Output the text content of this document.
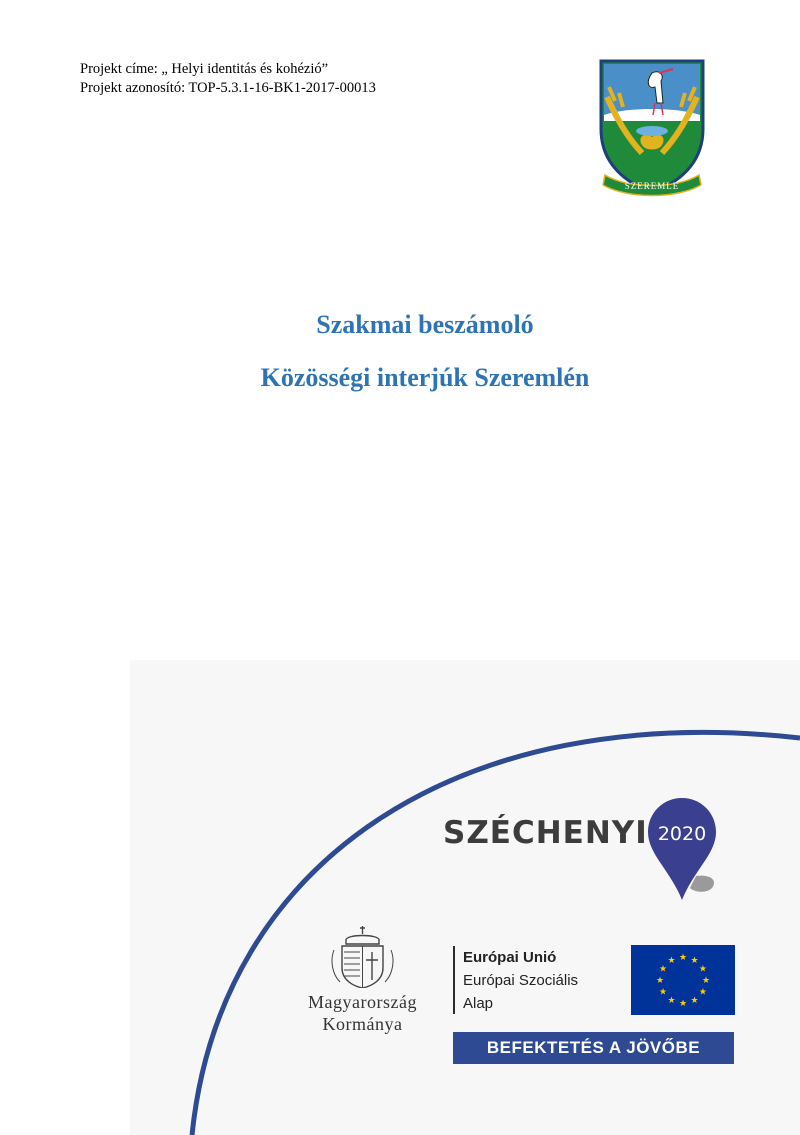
Projekt címe: „ Helyi identitás és kohézió”
Projekt azonosító: TOP-5.3.1-16-BK1-2017-00013
SZEREMLE
Szakmai beszámoló
Közösségi interjúk Szeremlén
SZÉCHENYI 2020
Magyarország
Kormánya
Európai Unió
Európai Szociális
Alap
★ ★
★
★
★
★
★
★
★
★
★
★
BEFEKTETÉS A JÖVŐBE
